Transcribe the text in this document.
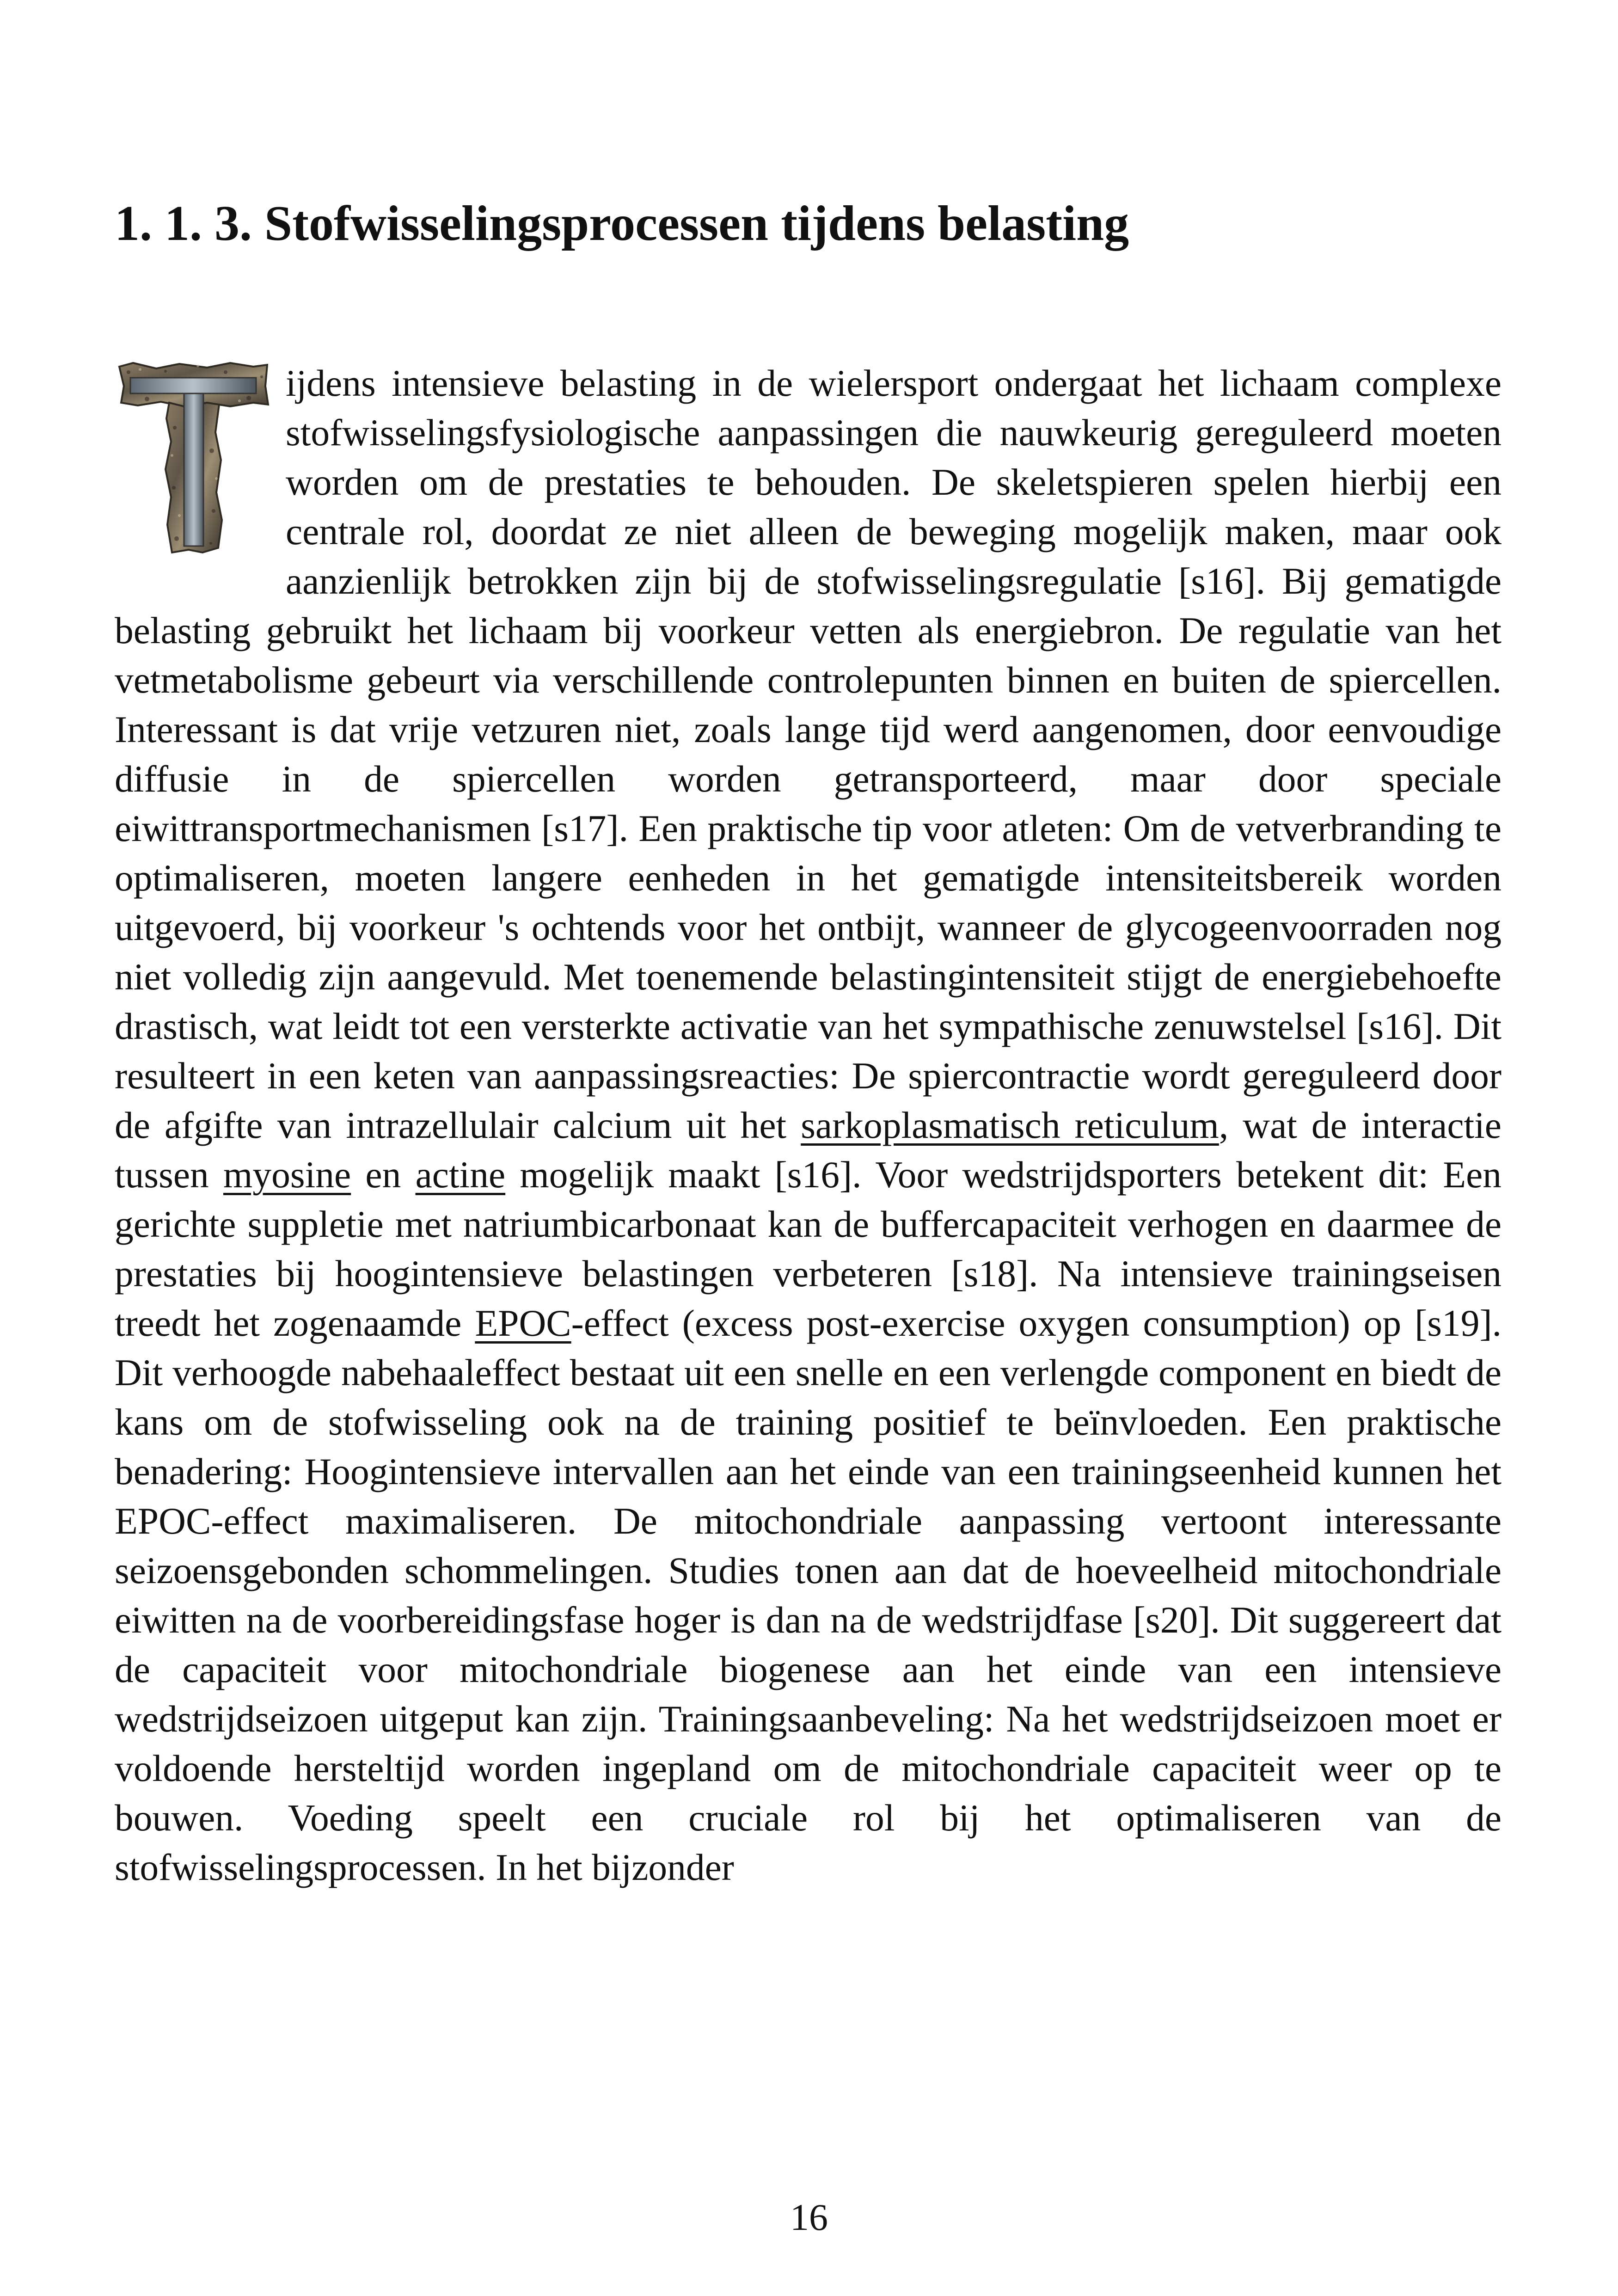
1. 1. 3. Stofwisselingsprocessen tijdens belasting

ijdens intensieve belasting in de wielersport ondergaat het lichaam complexe stofwisselingsfysiologische aanpassingen die nauwkeurig gereguleerd moeten worden om de prestaties te behouden. De skeletspieren spelen hierbij een centrale rol, doordat ze niet alleen de beweging mogelijk maken, maar ook aanzienlijk betrokken zijn bij de stofwisselingsregulatie [s16]. Bij gematigde belasting gebruikt het lichaam bij voorkeur vetten als energiebron. De regulatie van het vetmetabolisme gebeurt via verschillende controlepunten binnen en buiten de spiercellen. Interessant is dat vrije vetzuren niet, zoals lange tijd werd aangenomen, door eenvoudige diffusie in de spiercellen worden getransporteerd, maar door speciale eiwittransportmechanismen [s17]. Een praktische tip voor atleten: Om de vetverbranding te optimaliseren, moeten langere eenheden in het gematigde intensiteitsbereik worden uitgevoerd, bij voorkeur 's ochtends voor het ontbijt, wanneer de glycogeenvoorraden nog niet volledig zijn aangevuld. Met toenemende belastingintensiteit stijgt de energiebehoefte drastisch, wat leidt tot een versterkte activatie van het sympathische zenuwstelsel [s16]. Dit resulteert in een keten van aanpassingsreacties: De spiercontractie wordt gereguleerd door de afgifte van intrazellulair calcium uit het sarkoplasmatisch reticulum, wat de interactie tussen myosine en actine mogelijk maakt [s16]. Voor wedstrijdsporters betekent dit: Een gerichte suppletie met natriumbicarbonaat kan de buffercapaciteit verhogen en daarmee de prestaties bij hoogintensieve belastingen verbeteren [s18]. Na intensieve trainingseisen treedt het zogenaamde EPOC-effect (excess post-exercise oxygen consumption) op [s19]. Dit verhoogde nabehaaleffect bestaat uit een snelle en een verlengde component en biedt de kans om de stofwisseling ook na de training positief te beïnvloeden. Een praktische benadering: Hoogintensieve intervallen aan het einde van een trainingseenheid kunnen het EPOC-effect maximaliseren. De mitochondriale aanpassing vertoont interessante seizoensgebonden schommelingen. Studies tonen aan dat de hoeveelheid mitochondriale eiwitten na de voorbereidingsfase hoger is dan na de wedstrijdfase [s20]. Dit suggereert dat de capaciteit voor mitochondriale biogenese aan het einde van een intensieve wedstrijdseizoen uitgeput kan zijn. Trainingsaanbeveling: Na het wedstrijdseizoen moet er voldoende hersteltijd worden ingepland om de mitochondriale capaciteit weer op te bouwen. Voeding speelt een cruciale rol bij het optimaliseren van de stofwisselingsprocessen. In het bijzonder

16
